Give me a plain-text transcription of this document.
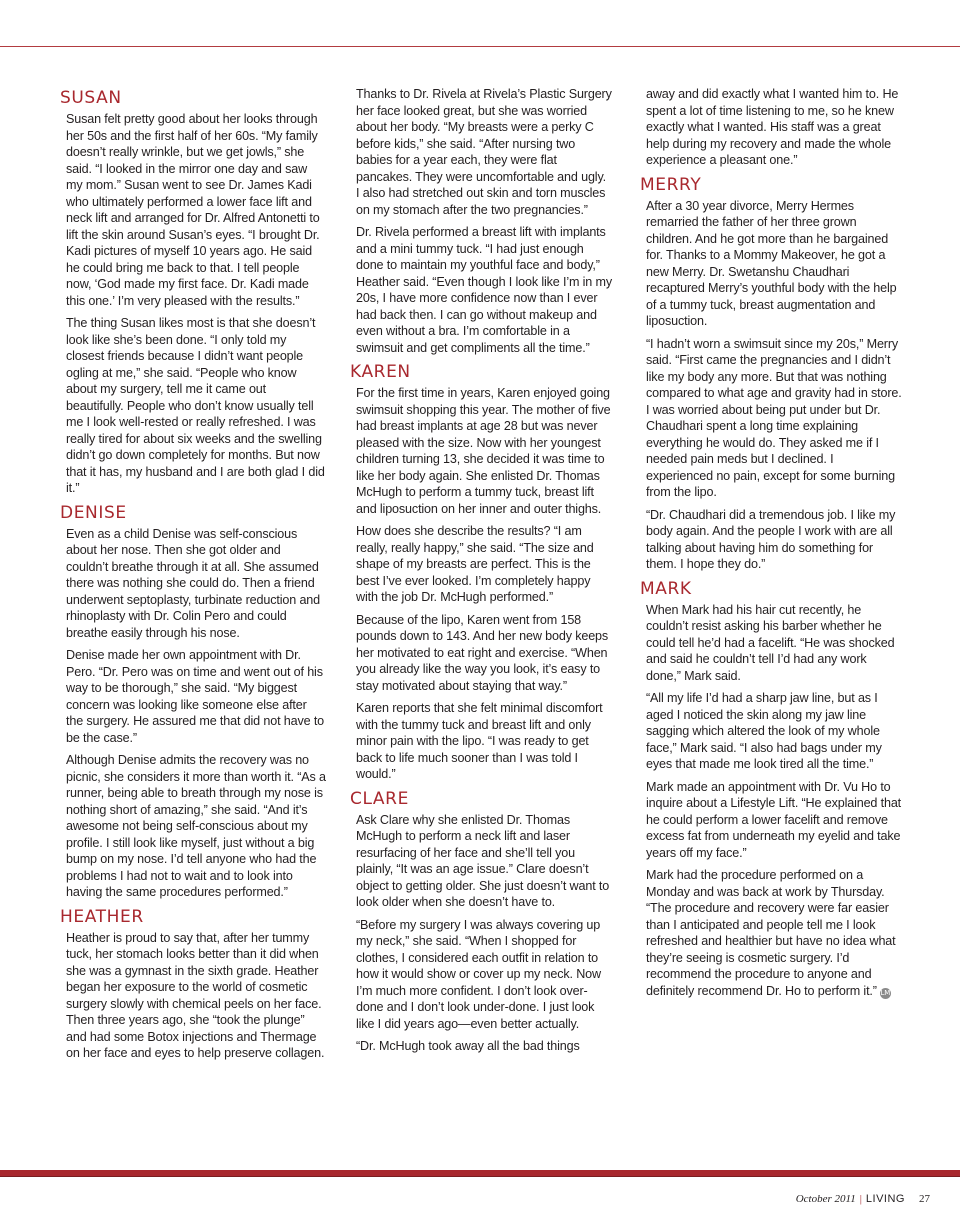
SUSAN

Susan felt pretty good about her looks through her 50s and the first half of her 60s. “My family doesn’t really wrinkle, but we get jowls,” she said. “I looked in the mirror one day and saw my mom.” Susan went to see Dr. James Kadi who ultimately performed a lower face lift and neck lift and arranged for Dr. Alfred Antonetti to lift the skin around Susan’s eyes. “I brought Dr. Kadi pictures of myself 10 years ago. He said he could bring me back to that. I tell people now, ‘God made my first face. Dr. Kadi made this one.’ I’m very pleased with the results.”

The thing Susan likes most is that she doesn’t look like she’s been done. “I only told my closest friends because I didn’t want people ogling at me,” she said. “People who know about my surgery, tell me it came out beautifully. People who don’t know usually tell me I look well-rested or really refreshed. I was really tired for about six weeks and the swelling didn’t go down completely for months. But now that it has, my husband and I are both glad I did it.”

DENISE

Even as a child Denise was self-conscious about her nose. Then she got older and couldn’t breathe through it at all. She assumed there was nothing she could do. Then a friend underwent septoplasty, turbinate reduction and rhinoplasty with Dr. Colin Pero and could breathe easily through his nose.

Denise made her own appointment with Dr. Pero. “Dr. Pero was on time and went out of his way to be thorough,” she said. “My biggest concern was looking like someone else after the surgery. He assured me that did not have to be the case.”

Although Denise admits the recovery was no picnic, she considers it more than worth it. “As a runner, being able to breath through my nose is nothing short of amazing,” she said. “And it’s awesome not being self-conscious about my profile. I still look like myself, just without a big bump on my nose. I’d tell anyone who had the problems I had not to wait and to look into having the same procedures performed.”

HEATHER

Heather is proud to say that, after her tummy tuck, her stomach looks better than it did when she was a gymnast in the sixth grade. Heather began her exposure to the world of cosmetic surgery slowly with chemical peels on her face. Then three years ago, she “took the plunge” and had some Botox injections and Thermage on her face and eyes to help preserve collagen.

Thanks to Dr. Rivela at Rivela’s Plastic Surgery her face looked great, but she was worried about her body. “My breasts were a perky C before kids,” she said. “After nursing two babies for a year each, they were flat pancakes. They were uncomfortable and ugly. I also had stretched out skin and torn muscles on my stomach after the two pregnancies.”

Dr. Rivela performed a breast lift with implants and a mini tummy tuck. “I had just enough done to maintain my youthful face and body,” Heather said. “Even though I look like I’m in my 20s, I have more confidence now than I ever had back then. I can go without makeup and even without a bra. I’m comfortable in a swimsuit and get compliments all the time.”

KAREN

For the first time in years, Karen enjoyed going swimsuit shopping this year. The mother of five had breast implants at age 28 but was never pleased with the size. Now with her youngest children turning 13, she decided it was time to like her body again. She enlisted Dr. Thomas McHugh to perform a tummy tuck, breast lift and liposuction on her inner and outer thighs.

How does she describe the results? “I am really, really happy,” she said. “The size and shape of my breasts are perfect. This is the best I’ve ever looked. I’m completely happy with the job Dr. McHugh performed.”

Because of the lipo, Karen went from 158 pounds down to 143. And her new body keeps her motivated to eat right and exercise. “When you already like the way you look, it’s easy to stay motivated about staying that way.”

Karen reports that she felt minimal discomfort with the tummy tuck and breast lift and only minor pain with the lipo. “I was ready to get back to life much sooner than I was told I would.”

CLARE

Ask Clare why she enlisted Dr. Thomas McHugh to perform a neck lift and laser resurfacing of her face and she’ll tell you plainly, “It was an age issue.” Clare doesn’t object to getting older. She just doesn’t want to look older when she doesn’t have to.

“Before my surgery I was always covering up my neck,” she said. “When I shopped for clothes, I considered each outfit in relation to how it would show or cover up my neck. Now I’m much more confident. I don’t look over-done and I don’t look under-done. I just look like I did years ago—even better actually.

“Dr. McHugh took away all the bad things

away and did exactly what I wanted him to. He spent a lot of time listening to me, so he knew exactly what I wanted. His staff was a great help during my recovery and made the whole experience a pleasant one.”

MERRY

After a 30 year divorce, Merry Hermes remarried the father of her three grown children. And he got more than he bargained for. Thanks to a Mommy Makeover, he got a new Merry. Dr. Swetanshu Chaudhari recaptured Merry’s youthful body with the help of a tummy tuck, breast augmentation and liposuction.

“I hadn’t worn a swimsuit since my 20s,” Merry said. “First came the pregnancies and I didn’t like my body any more. But that was nothing compared to what age and gravity had in store. I was worried about being put under but Dr. Chaudhari spent a long time explaining everything he would do. They asked me if I needed pain meds but I declined. I experienced no pain, except for some burning from the lipo.

“Dr. Chaudhari did a tremendous job. I like my body again. And the people I work with are all talking about having him do something for them. I hope they do.”

MARK

When Mark had his hair cut recently, he couldn’t resist asking his barber whether he could tell he’d had a facelift. “He was shocked and said he couldn’t tell I’d had any work done,” Mark said.

“All my life I’d had a sharp jaw line, but as I aged I noticed the skin along my jaw line sagging which altered the look of my whole face,” Mark said. “I also had bags under my eyes that made me look tired all the time.”

Mark made an appointment with Dr. Vu Ho to inquire about a Lifestyle Lift. “He explained that he could perform a lower facelift and remove excess fat from underneath my eyelid and take years off my face.”

Mark had the procedure performed on a Monday and was back at work by Thursday. “The procedure and recovery were far easier than I anticipated and people tell me I look refreshed and healthier but have no idea what they’re seeing is cosmetic surgery. I’d recommend the procedure to anyone and definitely recommend Dr. Ho to perform it.” LM

October 2011 | LIVING 27
